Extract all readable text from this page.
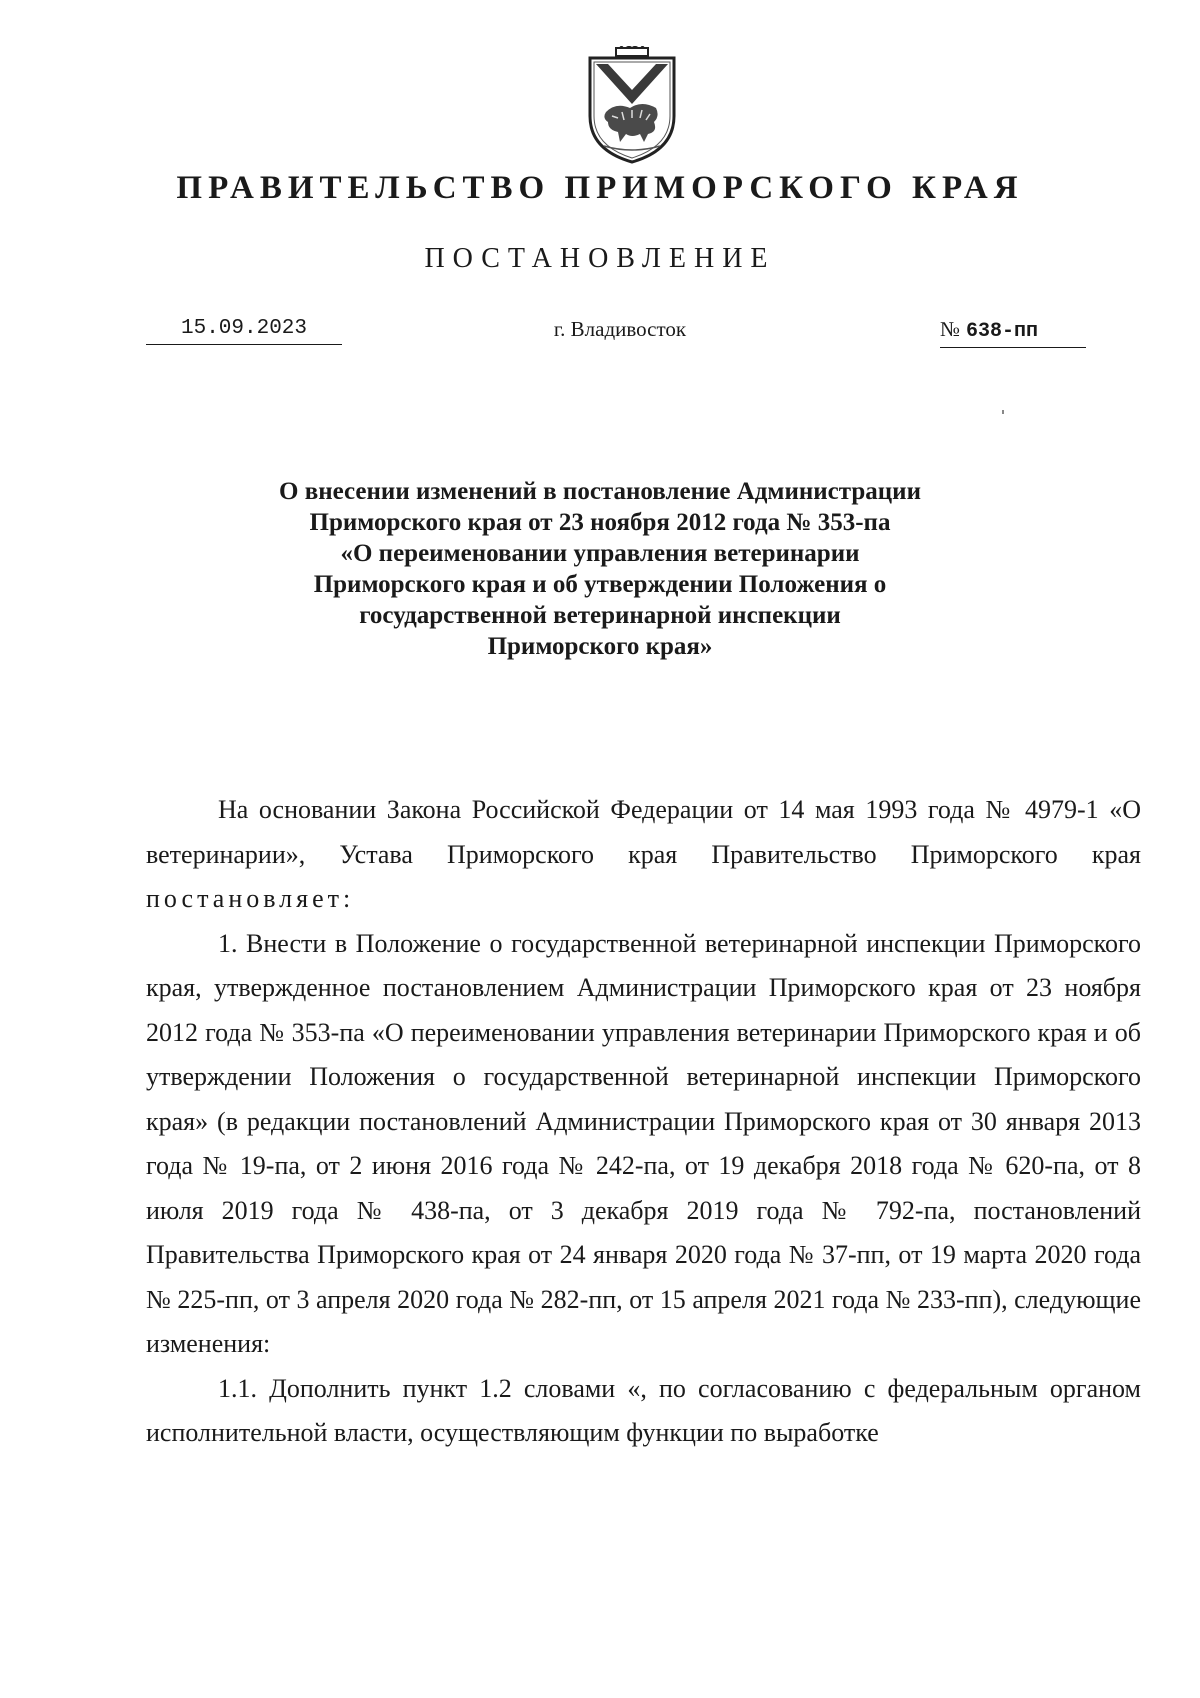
ПРАВИТЕЛЬСТВО ПРИМОРСКОГО КРАЯ
ПОСТАНОВЛЕНИЕ
15.09.2023	г. Владивосток	№ 638-пп
О внесении изменений в постановление Администрации
Приморского края от 23 ноября 2012 года № 353-па
«О переименовании управления ветеринарии
Приморского края и об утверждении Положения о
государственной ветеринарной инспекции
Приморского края»

На основании Закона Российской Федерации от 14 мая 1993 года № 4979-1 «О ветеринарии», Устава Приморского края Правительство Приморского края постановляет:

1. Внести в Положение о государственной ветеринарной инспекции Приморского края, утвержденное постановлением Администрации Приморского края от 23 ноября 2012 года № 353-па «О переименовании управления ветеринарии Приморского края и об утверждении Положения о государственной ветеринарной инспекции Приморского края» (в редакции постановлений Администрации Приморского края от 30 января 2013 года № 19-па, от 2 июня 2016 года № 242-па, от 19 декабря 2018 года № 620-па, от 8 июля 2019 года № 438-па, от 3 декабря 2019 года № 792-па, постановлений Правительства Приморского края от 24 января 2020 года № 37-пп, от 19 марта 2020 года № 225-пп, от 3 апреля 2020 года № 282-пп, от 15 апреля 2021 года № 233-пп), следующие изменения:

1.1. Дополнить пункт 1.2 словами «, по согласованию с федеральным органом исполнительной власти, осуществляющим функции по выработке
